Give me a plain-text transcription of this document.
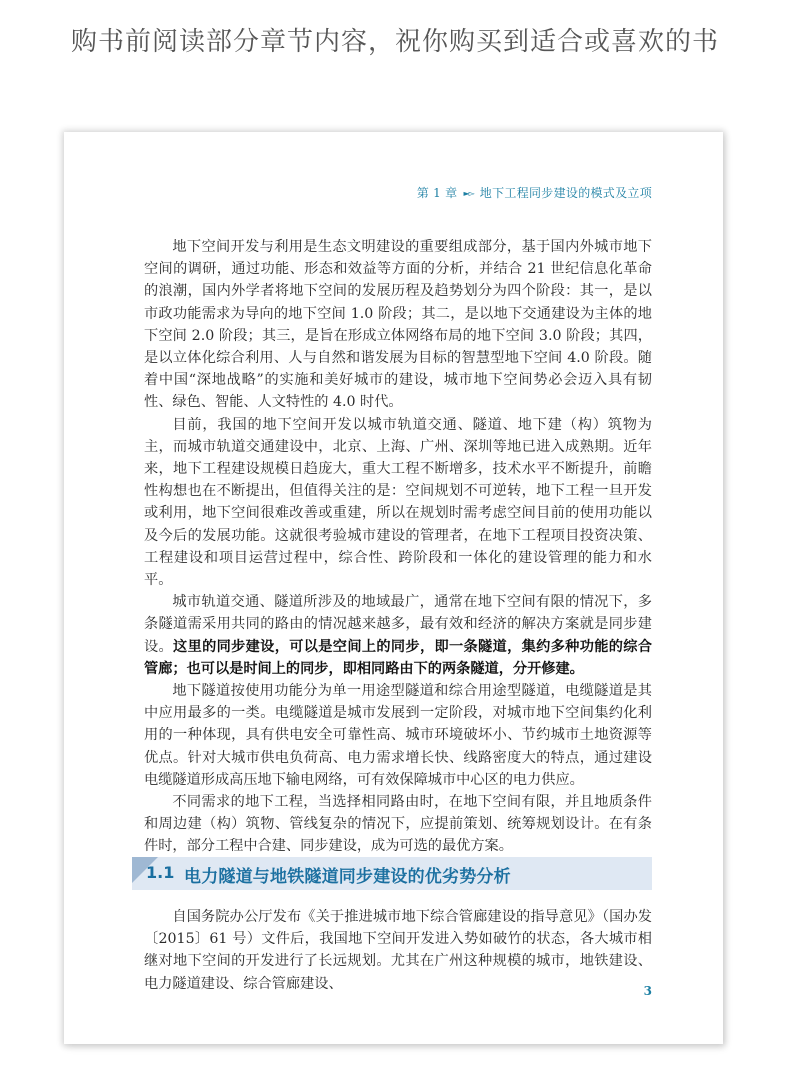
购书前阅读部分章节内容，祝你购买到适合或喜欢的书
第 1 章 ►▻ 地下工程同步建设的模式及立项

地下空间开发与利用是生态文明建设的重要组成部分，基于国内外城市地下空间的调研，通过功能、形态和效益等方面的分析，并结合 21 世纪信息化革命的浪潮，国内外学者将地下空间的发展历程及趋势划分为四个阶段：其一，是以市政功能需求为导向的地下空间 1.0 阶段；其二，是以地下交通建设为主体的地下空间 2.0 阶段；其三，是旨在形成立体网络布局的地下空间 3.0 阶段；其四，是以立体化综合利用、人与自然和谐发展为目标的智慧型地下空间 4.0 阶段。随着中国“深地战略”的实施和美好城市的建设，城市地下空间势必会迈入具有韧性、绿色、智能、人文特性的 4.0 时代。

目前，我国的地下空间开发以城市轨道交通、隧道、地下建（构）筑物为主，而城市轨道交通建设中，北京、上海、广州、深圳等地已进入成熟期。近年来，地下工程建设规模日趋庞大，重大工程不断增多，技术水平不断提升，前瞻性构想也在不断提出，但值得关注的是：空间规划不可逆转，地下工程一旦开发或利用，地下空间很难改善或重建，所以在规划时需考虑空间目前的使用功能以及今后的发展功能。这就很考验城市建设的管理者，在地下工程项目投资决策、工程建设和项目运营过程中，综合性、跨阶段和一体化的建设管理的能力和水平。

城市轨道交通、隧道所涉及的地域最广，通常在地下空间有限的情况下，多条隧道需采用共同的路由的情况越来越多，最有效和经济的解决方案就是同步建设。这里的同步建设，可以是空间上的同步，即一条隧道，集约多种功能的综合管廊；也可以是时间上的同步，即相同路由下的两条隧道，分开修建。

地下隧道按使用功能分为单一用途型隧道和综合用途型隧道，电缆隧道是其中应用最多的一类。电缆隧道是城市发展到一定阶段，对城市地下空间集约化利用的一种体现，具有供电安全可靠性高、城市环境破坏小、节约城市土地资源等优点。针对大城市供电负荷高、电力需求增长快、线路密度大的特点，通过建设电缆隧道形成高压地下输电网络，可有效保障城市中心区的电力供应。

不同需求的地下工程，当选择相同路由时，在地下空间有限，并且地质条件和周边建（构）筑物、管线复杂的情况下，应提前策划、统筹规划设计。在有条件时，部分工程中合建、同步建设，成为可选的最优方案。

1.1 电力隧道与地铁隧道同步建设的优劣势分析

自国务院办公厅发布《关于推进城市地下综合管廊建设的指导意见》（国办发〔2015〕61 号）文件后，我国地下空间开发进入势如破竹的状态，各大城市相继对地下空间的开发进行了长远规划。尤其在广州这种规模的城市，地铁建设、电力隧道建设、综合管廊建设、	3
